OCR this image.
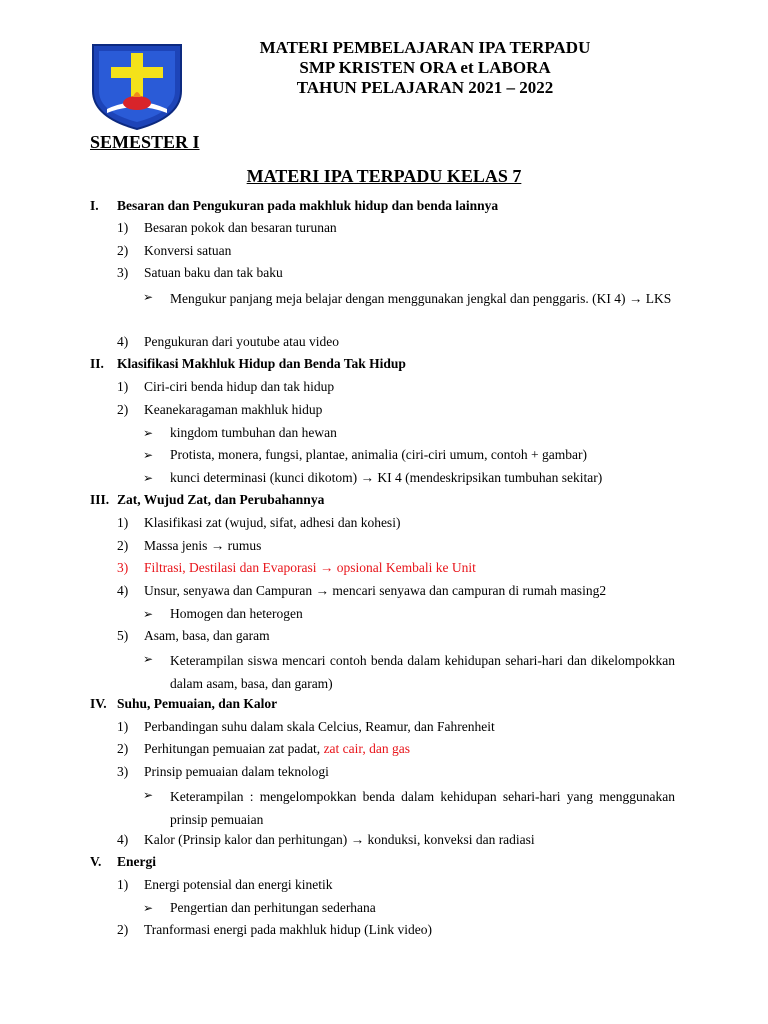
MATERI PEMBELAJARAN IPA TERPADU
SMP KRISTEN ORA et LABORA
TAHUN PELAJARAN 2021 – 2022
SEMESTER I
MATERI IPA TERPADU KELAS 7
I. Besaran dan Pengukuran pada makhluk hidup dan benda lainnya
1) Besaran pokok dan besaran turunan
2) Konversi satuan
3) Satuan baku dan tak baku
➢ Mengukur panjang meja belajar dengan menggunakan jengkal dan penggaris. (KI 4) → LKS
4) Pengukuran dari youtube atau video
II. Klasifikasi Makhluk Hidup dan Benda Tak Hidup
1) Ciri-ciri benda hidup dan tak hidup
2) Keanekaragaman makhluk hidup
➢ kingdom tumbuhan dan hewan
➢ Protista, monera, fungsi, plantae, animalia (ciri-ciri umum, contoh + gambar)
➢ kunci determinasi (kunci dikotom) → KI 4 (mendeskripsikan tumbuhan sekitar)
III. Zat, Wujud Zat, dan Perubahannya
1) Klasifikasi zat (wujud, sifat, adhesi dan kohesi)
2) Massa jenis → rumus
3) Filtrasi, Destilasi dan Evaporasi → opsional Kembali ke Unit
4) Unsur, senyawa dan Campuran → mencari senyawa dan campuran di rumah masing2
➢ Homogen dan heterogen
5) Asam, basa, dan garam
➢ Keterampilan siswa mencari contoh benda dalam kehidupan sehari-hari dan dikelompokkan dalam asam, basa, dan garam)
IV. Suhu, Pemuaian, dan Kalor
1) Perbandingan suhu dalam skala Celcius, Reamur, dan Fahrenheit
2) Perhitungan pemuaian zat padat, zat cair, dan gas
3) Prinsip pemuaian dalam teknologi
➢ Keterampilan : mengelompokkan benda dalam kehidupan sehari-hari yang menggunakan prinsip pemuaian
4) Kalor (Prinsip kalor dan perhitungan) → konduksi, konveksi dan radiasi
V. Energi
1) Energi potensial dan energi kinetik
➢ Pengertian dan perhitungan sederhana
2) Tranformasi energi pada makhluk hidup (Link video)
